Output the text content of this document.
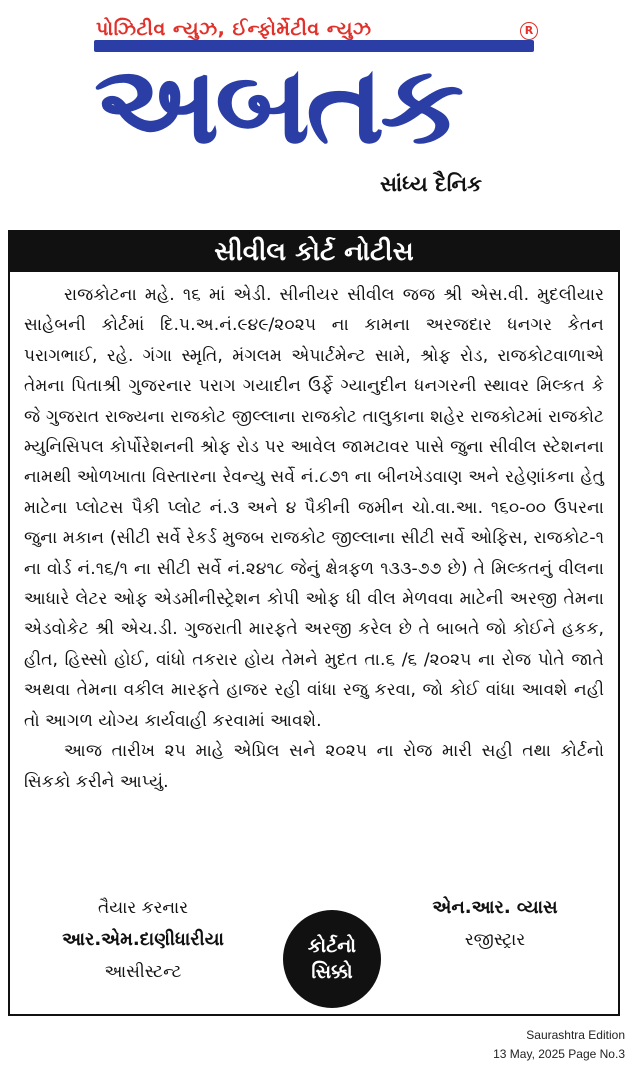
પોઝિટીવ ન્યુઝ, ઈન્ફોર્મેટીવ ન્યુઝ	R
અબતક
સાંધ્ય દૈનિક
સીવીલ કોર્ટ નોટીસ

રાજકોટના મહે. ૧૬ માં એડી. સીનીયર સીવીલ જજ શ્રી એસ.વી. મુદલીયાર સાહેબની કોર્ટમાં દિ.પ.અ.નં.૯૪૯/૨૦૨૫ ના કામના અરજદાર ધનગર કેતન પરાગભાઈ, રહે. ગંગા સ્મૃતિ, મંગલમ એપાર્ટમેન્ટ સામે, શ્રોફ રોડ, રાજકોટવાળાએ તેમના પિતાશ્રી ગુજરનાર પરાગ ગયાદીન ઉર્ફે ગ્યાનુદીન ધનગરની સ્થાવર મિલ્કત કે જે ગુજરાત રાજ્યના રાજકોટ જીલ્લાના રાજકોટ તાલુકાના શહેર રાજકોટમાં રાજકોટ મ્યુનિસિપલ કોર્પોરેશનની શ્રોફ રોડ પર આવેલ જામટાવર પાસે જુના સીવીલ સ્ટેશનના નામથી ઓળખાતા વિસ્તારના રેવન્યુ સર્વે નં.૮૭૧ ના બીનખેડવાણ અને રહેણાંકના હેતુ માટેના પ્લોટસ પૈકી પ્લોટ નં.૩ અને ૪ પૈકીની જમીન ચો.વા.આ. ૧૬૦-૦૦ ઉપરના જુના મકાન (સીટી સર્વે રેકર્ડ મુજબ રાજકોટ જીલ્લાના સીટી સર્વે ઓફિસ, રાજકોટ-૧ ના વોર્ડ નં.૧૬/૧ ના સીટી સર્વે નં.૨૪૧૮ જેનું ક્ષેત્રફળ ૧૩૩-૭૭ છે) તે મિલ્કતનું વીલના આધારે લેટર ઓફ એડમીનીસ્ટ્રેશન કોપી ઓફ ધી વીલ મેળવવા માટેની અરજી તેમના એડવોકેટ શ્રી એચ.ડી. ગુજરાતી મારફતે અરજી કરેલ છે તે બાબતે જો કોઈને હકક, હીત, હિસ્સો હોઈ, વાંધો તકરાર હોય તેમને મુદત તા.૬ /૬ /૨૦૨૫ ના રોજ પોતે જાતે અથવા તેમના વકીલ મારફતે હાજર રહી વાંધા રજુ કરવા, જો કોઈ વાંધા આવશે નહી તો આગળ યોગ્ય કાર્યવાહી કરવામાં આવશે.

આજ તારીખ ૨૫ માહે એપ્રિલ સને ૨૦૨૫ ના રોજ મારી સહી તથા કોર્ટનો સિકકો કરીને આપ્યું.

તૈયાર કરનાર
આર.એમ.દાણીધારીયા
આસીસ્ટન્ટ
કોર્ટનો
સિક્કો
એન.આર. વ્યાસ
રજીસ્ટ્રાર
Saurashtra Edition
13 May, 2025 Page No.3
